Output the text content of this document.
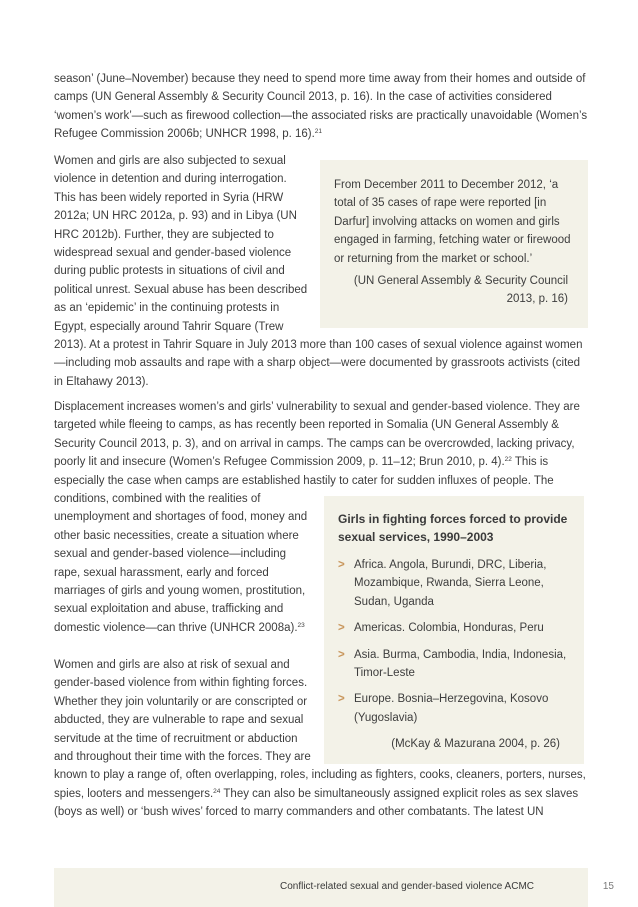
season’ (June–November) because they need to spend more time away from their homes and outside of camps (UN General Assembly & Security Council 2013, p. 16). In the case of activities considered ‘women’s work’—such as firewood collection—the associated risks are practically unavoidable (Women’s Refugee Commission 2006b; UNHCR 1998, p. 16).$^{21}$

From December 2011 to December 2012, ‘a total of 35 cases of rape were reported [in Darfur] involving attacks on women and girls engaged in farming, fetching water or firewood or returning from the market or school.’

(UN General Assembly & Security Council 2013, p. 16)

Women and girls are also subjected to sexual violence in detention and during interrogation. This has been widely reported in Syria (HRW 2012a; UN HRC 2012a, p. 93) and in Libya (UN HRC 2012b). Further, they are subjected to widespread sexual and gender-based violence during public protests in situations of civil and political unrest. Sexual abuse has been described as an ‘epidemic’ in the continuing protests in Egypt, especially around Tahrir Square (Trew 2013). At a protest in Tahrir Square in July 2013 more than 100 cases of sexual violence against women—including mob assaults and rape with a sharp object—were documented by grassroots activists (cited in Eltahawy 2013).

Displacement increases women’s and girls’ vulnerability to sexual and gender-based violence. They are targeted while fleeing to camps, as has recently been reported in Somalia (UN General Assembly & Security Council 2013, p. 3), and on arrival in camps. The camps can be overcrowded, lacking privacy, poorly lit and insecure (Women’s Refugee Commission 2009, p. 11–12; Brun 2010, p. 4).$^{22}$ This is especially the case when camps are established hastily to cater for sudden influxes of people. The conditions, combined with the realities of unemployment and shortages of food, money and other basic necessities, create a situation where sexual and gender-based violence—including rape, sexual harassment, early and forced marriages of girls and young women, prostitution, sexual exploitation and abuse, trafficking and domestic violence—can thrive (UNHCR 2008a).$^{23}$
Women and girls are also at risk of sexual and gender-based violence from within fighting forces. Whether they join voluntarily or are conscripted or abducted, they are vulnerable to rape and sexual servitude at the time of recruitment or abduction and throughout their time with the forces. They are known to play a range of, often overlapping, roles, including as fighters, cooks, cleaners, porters, nurses, spies, looters and messengers.$^{24}$ They can also be simultaneously assigned explicit roles as sex slaves (boys as well) or ‘bush wives’ forced to marry commanders and other combatants. The latest UN

Girls in fighting forces forced to provide sexual services, 1990–2003

> Africa. Angola, Burundi, DRC, Liberia, Mozambique, Rwanda, Sierra Leone, Sudan, Uganda
> Americas. Colombia, Honduras, Peru
> Asia. Burma, Cambodia, India, Indonesia, Timor-Leste
> Europe. Bosnia–Herzegovina, Kosovo (Yugoslavia)

(McKay & Mazurana 2004, p. 26)

Conflict-related sexual and gender-based violence ACMC	15
